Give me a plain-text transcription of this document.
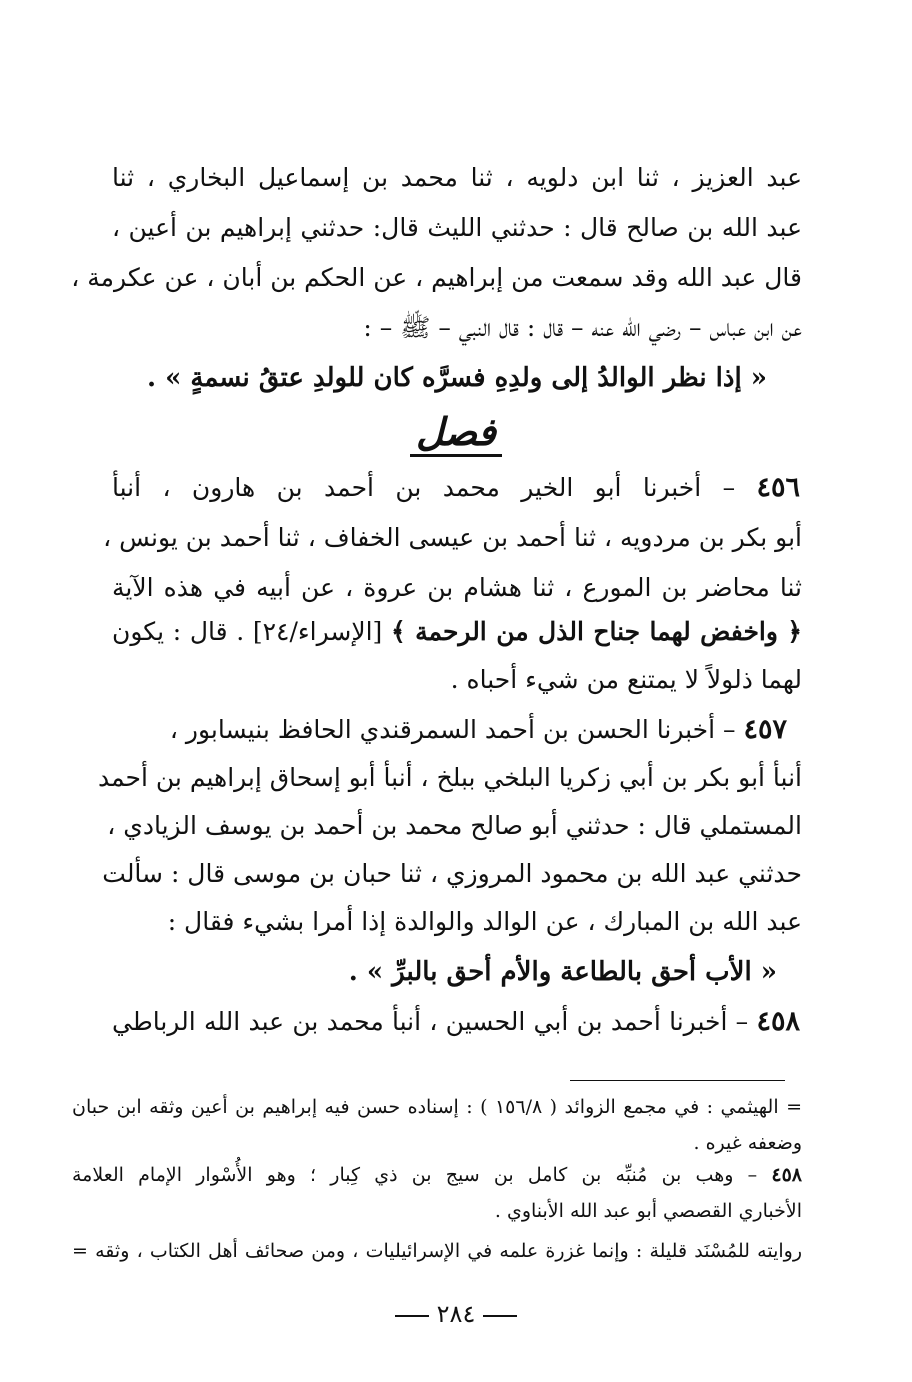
عبد العزيز ، ثنا ابن دلويه ، ثنا محمد بن إسماعيل البخاري ، ثنا
عبد الله بن صالح قال : حدثني الليث قال: حدثني إبراهيم بن أعين ،
قال عبد الله وقد سمعت من إبراهيم ، عن الحكم بن أبان ، عن عكرمة ،
عن ابن عباس – رضي الله عنه – قال : قال النبي – ﷺ – :
« إذا نظر الوالدُ إلى ولدِهِ فسرَّه كان للولدِ عتقُ نسمةٍ » .
فصل
٤٥٦ – أخبرنا أبو الخير محمد بن أحمد بن هارون ، أنبأ
أبو بكر بن مردويه ، ثنا أحمد بن عيسى الخفاف ، ثنا أحمد بن يونس ،
ثنا محاضر بن المورع ، ثنا هشام بن عروة ، عن أبيه في هذه الآية
﴿ واخفض لهما جناح الذل من الرحمة ﴾ [الإسراء/٢٤] . قال : يكون
لهما ذلولاً لا يمتنع من شيء أحباه .
٤٥٧ – أخبرنا الحسن بن أحمد السمرقندي الحافظ بنيسابور ،
أنبأ أبو بكر بن أبي زكريا البلخي ببلخ ، أنبأ أبو إسحاق إبراهيم بن أحمد
المستملي قال : حدثني أبو صالح محمد بن أحمد بن يوسف الزيادي ،
حدثني عبد الله بن محمود المروزي ، ثنا حبان بن موسى قال : سألت
عبد الله بن المبارك ، عن الوالد والوالدة إذا أمرا بشيء فقال :
« الأب أحق بالطاعة والأم أحق بالبرِّ » .
٤٥٨ – أخبرنا أحمد بن أبي الحسين ، أنبأ محمد بن عبد الله الرباطي
= الهيثمي : في مجمع الزوائد ( ١٥٦/٨ ) : إسناده حسن فيه إبراهيم بن أعين وثقه ابن حبان
وضعفه غيره .
٤٥٨ – وهب بن مُنبِّه بن كامل بن سيج بن ذي كِبار ؛ وهو الأُسْوار الإمام العلامة
الأخباري القصصي أبو عبد الله الأبناوي .
روايته للمُسْنَد قليلة : وإنما غزرة علمه في الإسرائيليات ، ومن صحائف أهل الكتاب ، وثقه =
٢٨٤
